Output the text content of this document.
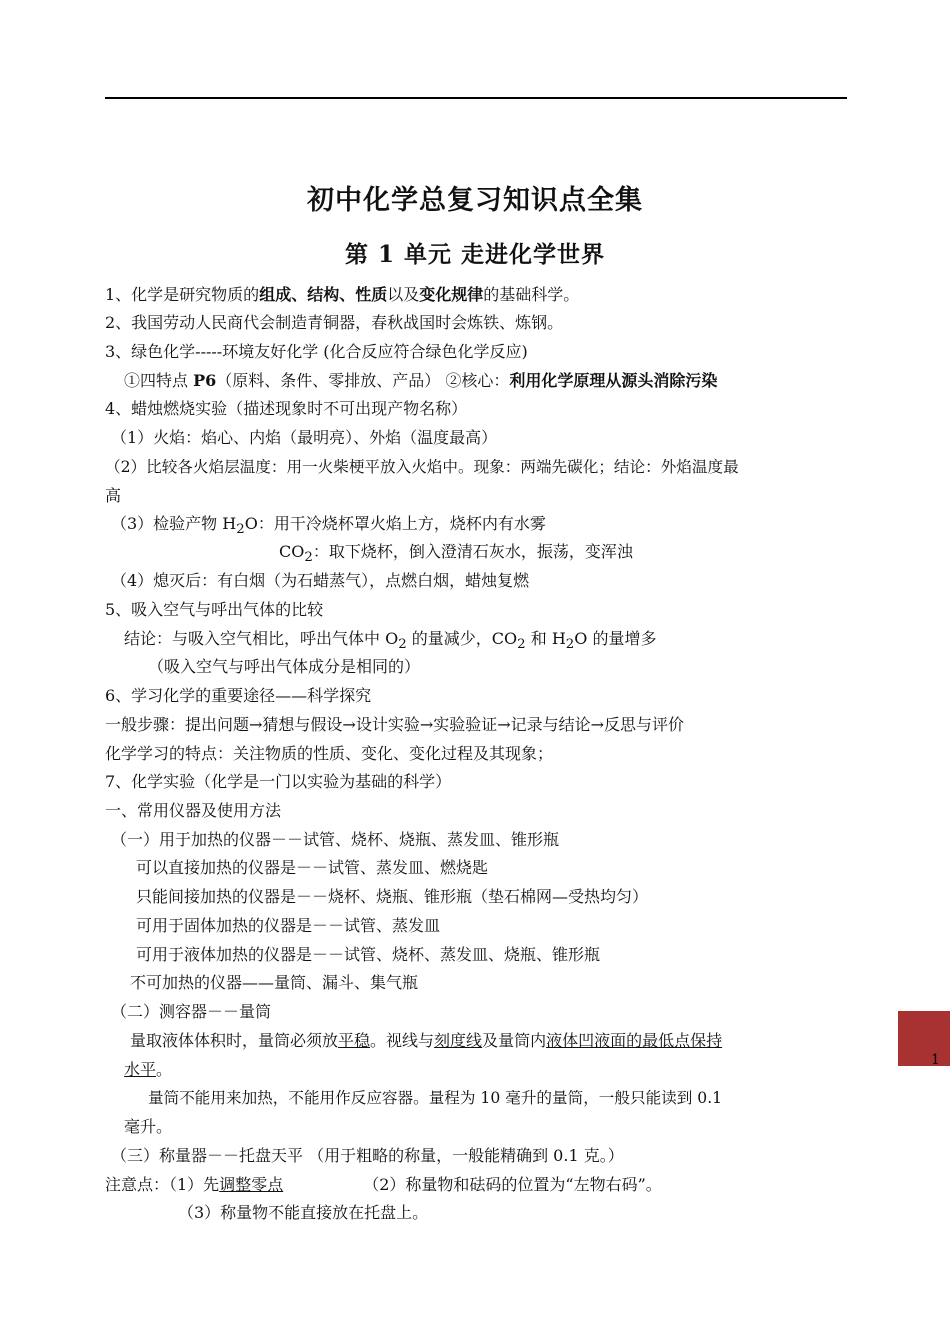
初中化学总复习知识点全集
第 1 单元 走进化学世界
1、化学是研究物质的组成、结构、性质以及变化规律的基础科学。
2、我国劳动人民商代会制造青铜器，春秋战国时会炼铁、炼钢。
3、绿色化学-----环境友好化学 (化合反应符合绿色化学反应)
①四特点 P6（原料、条件、零排放、产品） ②核心：利用化学原理从源头消除污染
4、蜡烛燃烧实验（描述现象时不可出现产物名称）
（1）火焰：焰心、内焰（最明亮）、外焰（温度最高）
（2）比较各火焰层温度：用一火柴梗平放入火焰中。现象：两端先碳化；结论：外焰温度最
高
（3）检验产物 $H_2O$：用干冷烧杯罩火焰上方，烧杯内有水雾
$CO_2$：取下烧杯，倒入澄清石灰水，振荡，变浑浊
（4）熄灭后：有白烟（为石蜡蒸气），点燃白烟，蜡烛复燃
5、吸入空气与呼出气体的比较
结论：与吸入空气相比，呼出气体中 $O_2$ 的量减少，$CO_2$ 和 $H_2O$ 的量增多
（吸入空气与呼出气体成分是相同的）
6、学习化学的重要途径——科学探究
一般步骤：提出问题→猜想与假设→设计实验→实验验证→记录与结论→反思与评价
化学学习的特点：关注物质的性质、变化、变化过程及其现象；
7、化学实验（化学是一门以实验为基础的科学）
一、常用仪器及使用方法
（一）用于加热的仪器－－试管、烧杯、烧瓶、蒸发皿、锥形瓶
可以直接加热的仪器是－－试管、蒸发皿、燃烧匙
只能间接加热的仪器是－－烧杯、烧瓶、锥形瓶（垫石棉网—受热均匀）
可用于固体加热的仪器是－－试管、蒸发皿
可用于液体加热的仪器是－－试管、烧杯、蒸发皿、烧瓶、锥形瓶
不可加热的仪器——量筒、漏斗、集气瓶
（二）测容器－－量筒
量取液体体积时，量筒必须放平稳。视线与刻度线及量筒内液体凹液面的最低点保持
水平。
量筒不能用来加热，不能用作反应容器。量程为 10 毫升的量筒，一般只能读到 0.1
毫升。
（三）称量器－－托盘天平 （用于粗略的称量，一般能精确到 0.1 克。）
注意点：（1）先调整零点	（2）称量物和砝码的位置为“左物右码”。
（3）称量物不能直接放在托盘上。
1
